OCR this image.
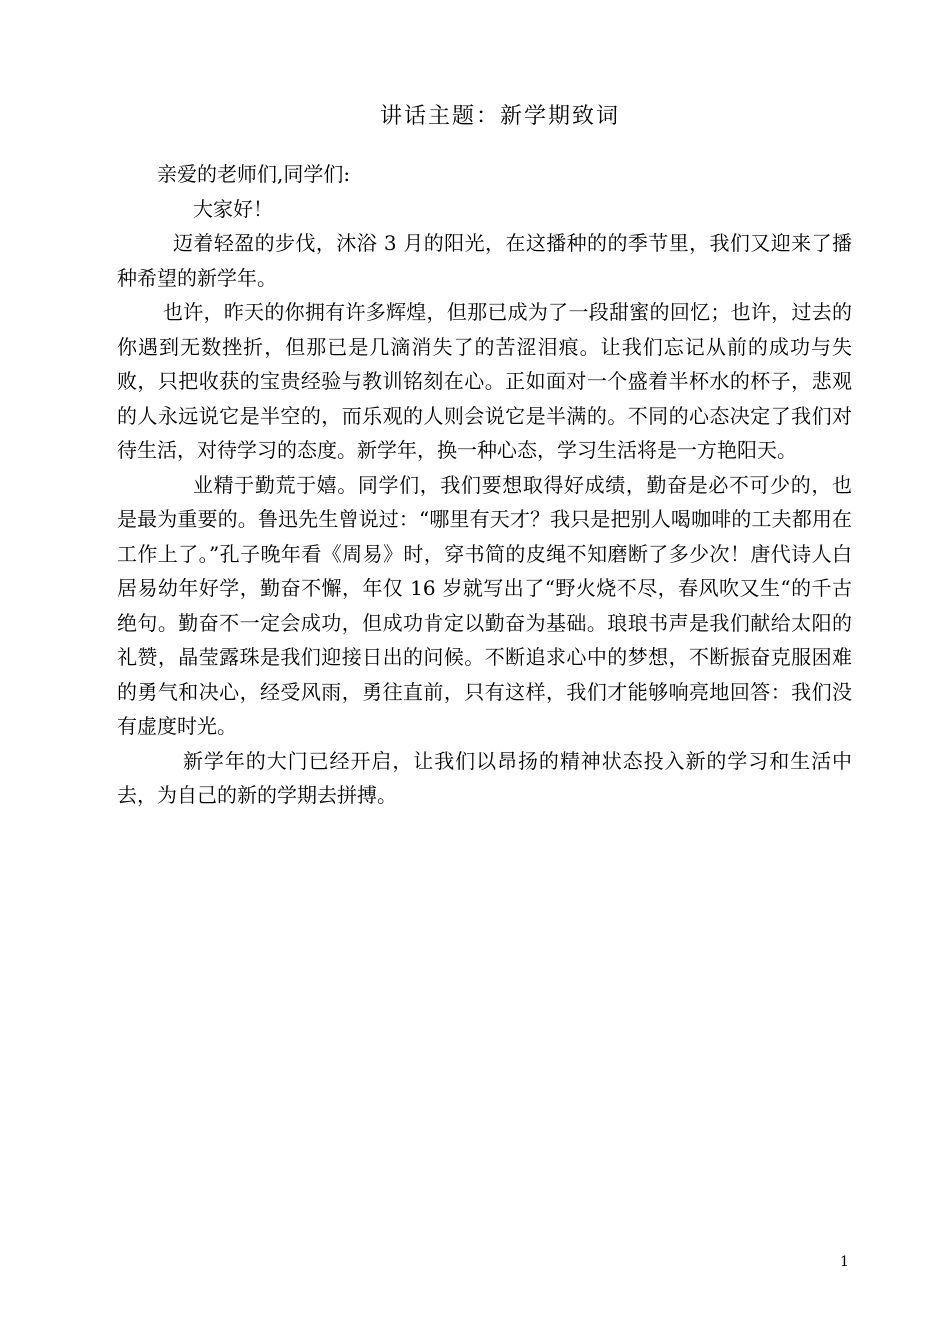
讲话主题：新学期致词

亲爱的老师们,同学们:

大家好！

迈着轻盈的步伐，沐浴 3 月的阳光，在这播种的的季节里，我们又迎来了播种希望的新学年。

也许，昨天的你拥有许多辉煌，但那已成为了一段甜蜜的回忆；也许，过去的你遇到无数挫折，但那已是几滴消失了的苦涩泪痕。让我们忘记从前的成功与失败，只把收获的宝贵经验与教训铭刻在心。正如面对一个盛着半杯水的杯子，悲观的人永远说它是半空的，而乐观的人则会说它是半满的。不同的心态决定了我们对待生活，对待学习的态度。新学年，换一种心态，学习生活将是一方艳阳天。

业精于勤荒于嬉。同学们，我们要想取得好成绩，勤奋是必不可少的，也是最为重要的。鲁迅先生曾说过：“哪里有天才？我只是把别人喝咖啡的工夫都用在工作上了。”孔子晚年看《周易》时，穿书简的皮绳不知磨断了多少次！唐代诗人白居易幼年好学，勤奋不懈，年仅 16 岁就写出了“野火烧不尽，春风吹又生“的千古绝句。勤奋不一定会成功，但成功肯定以勤奋为基础。琅琅书声是我们献给太阳的礼赞，晶莹露珠是我们迎接日出的问候。不断追求心中的梦想，不断振奋克服困难的勇气和决心，经受风雨，勇往直前，只有这样，我们才能够响亮地回答：我们没有虚度时光。

新学年的大门已经开启，让我们以昂扬的精神状态投入新的学习和生活中去，为自己的新的学期去拼搏。

1
